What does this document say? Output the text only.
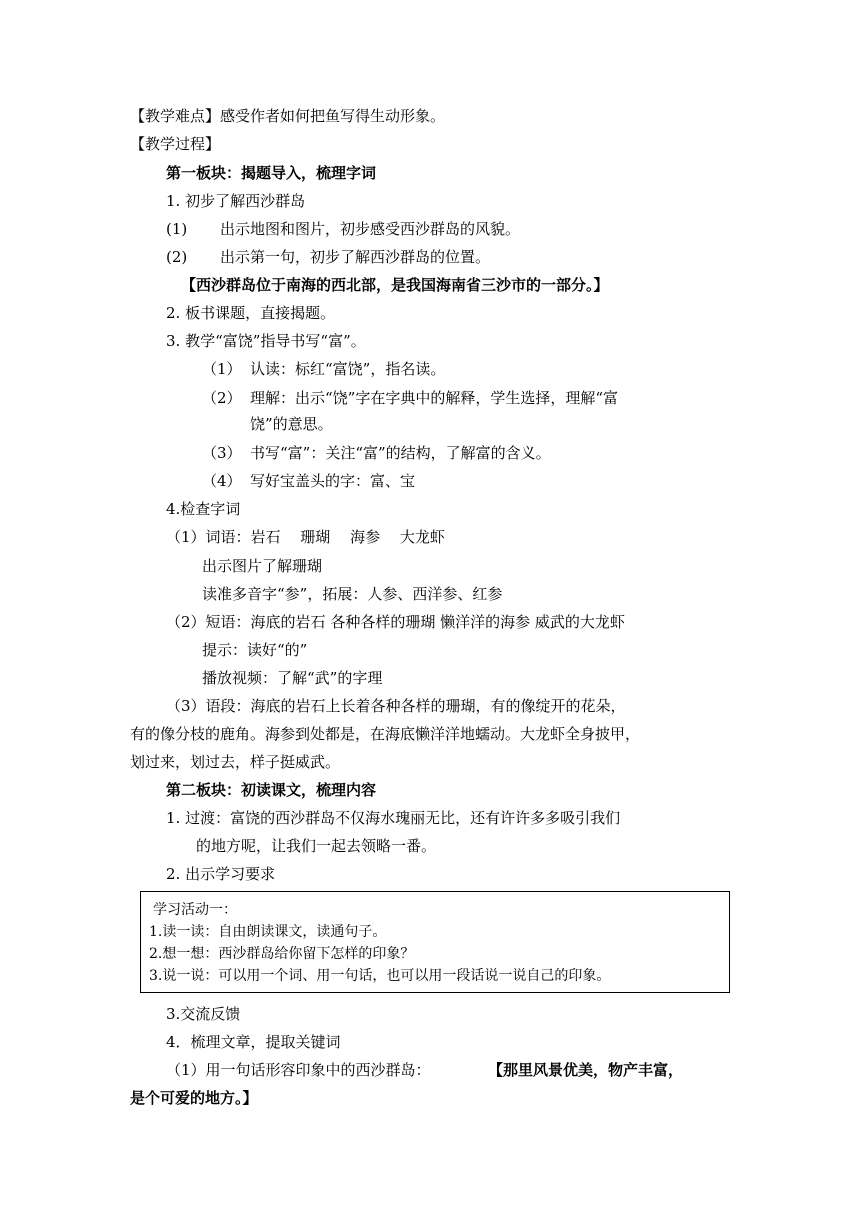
【教学难点】感受作者如何把鱼写得生动形象。
【教学过程】
第一板块：揭题导入，梳理字词
1. 初步了解西沙群岛
(1) 出示地图和图片，初步感受西沙群岛的风貌。
(2) 出示第一句，初步了解西沙群岛的位置。
【西沙群岛位于南海的西北部，是我国海南省三沙市的一部分。】
2. 板书课题，直接揭题。
3. 教学“富饶”指导书写“富”。
（1） 认读：标红“富饶”，指名读。
（2） 理解：出示“饶”字在字典中的解释，学生选择，理解“富
饶”的意思。
（3） 书写“富”：关注“富”的结构，了解富的含义。
（4） 写好宝盖头的字：富、宝
4.检查字词
（1）词语：岩石　 珊瑚　 海参　 大龙虾
出示图片了解珊瑚
读准多音字“参”，拓展：人参、西洋参、红参
（2）短语：海底的岩石 各种各样的珊瑚 懒洋洋的海参 威武的大龙虾
提示：读好“的”
播放视频：了解“武”的字理
（3）语段：海底的岩石上长着各种各样的珊瑚，有的像绽开的花朵，
有的像分枝的鹿角。海参到处都是，在海底懒洋洋地蠕动。大龙虾全身披甲，
划过来，划过去，样子挺威武。
第二板块：初读课文，梳理内容
1. 过渡：富饶的西沙群岛不仅海水瑰丽无比，还有许许多多吸引我们
的地方呢，让我们一起去领略一番。
2. 出示学习要求
学习活动一：
1.读一读：自由朗读课文，读通句子。
2.想一想：西沙群岛给你留下怎样的印象？
3.说一说：可以用一个词、用一句话，也可以用一段话说一说自己的印象。
3.交流反馈
4．梳理文章，提取关键词
（1）用一句话形容印象中的西沙群岛：	【那里风景优美，物产丰富，
是个可爱的地方。】
